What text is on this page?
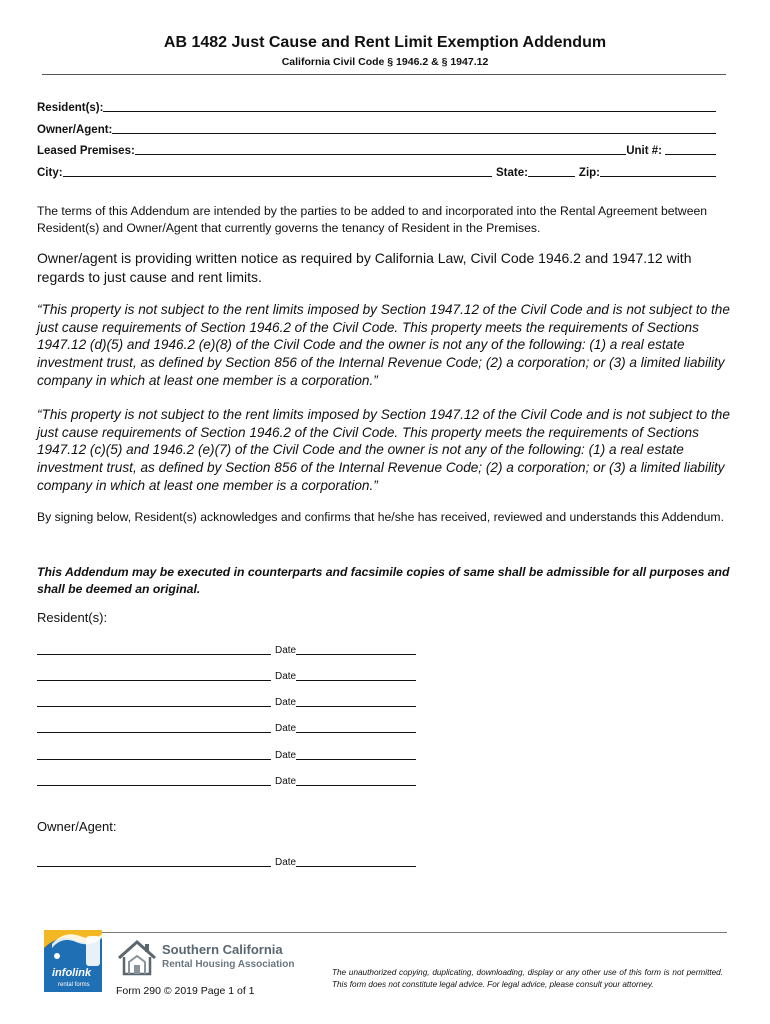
AB 1482 Just Cause and Rent Limit Exemption Addendum
California Civil Code § 1946.2 & § 1947.12
Resident(s):
Owner/Agent:
Leased Premises:	Unit #:
City:	State:	Zip:
The terms of this Addendum are intended by the parties to be added to and incorporated into the Rental Agreement between Resident(s) and Owner/Agent that currently governs the tenancy of Resident in the Premises.
Owner/agent is providing written notice as required by California Law, Civil Code 1946.2 and 1947.12 with regards to just cause and rent limits.
“This property is not subject to the rent limits imposed by Section 1947.12 of the Civil Code and is not subject to the just cause requirements of Section 1946.2 of the Civil Code. This property meets the requirements of Sections 1947.12 (d)(5) and 1946.2 (e)(8) of the Civil Code and the owner is not any of the following: (1) a real estate investment trust, as defined by Section 856 of the Internal Revenue Code; (2) a corporation; or (3) a limited liability company in which at least one member is a corporation.”
“This property is not subject to the rent limits imposed by Section 1947.12 of the Civil Code and is not subject to the just cause requirements of Section 1946.2 of the Civil Code. This property meets the requirements of Sections 1947.12 (c)(5) and 1946.2 (e)(7) of the Civil Code and the owner is not any of the following: (1) a real estate investment trust, as defined by Section 856 of the Internal Revenue Code; (2) a corporation; or (3) a limited liability company in which at least one member is a corporation.”
By signing below, Resident(s) acknowledges and confirms that he/she has received, reviewed and understands this Addendum.
This Addendum may be executed in counterparts and facsimile copies of same shall be admissible for all purposes and shall be deemed an original.
Resident(s):
Date
Date
Date
Date
Date
Date
Owner/Agent:
Date
infolink
rental forms
Southern California
Rental Housing Association
Form 290 © 2019 Page 1 of 1
The unauthorized copying, duplicating, downloading, display or any other use of this form is not permitted. This form does not constitute legal advice. For legal advice, please consult your attorney.
